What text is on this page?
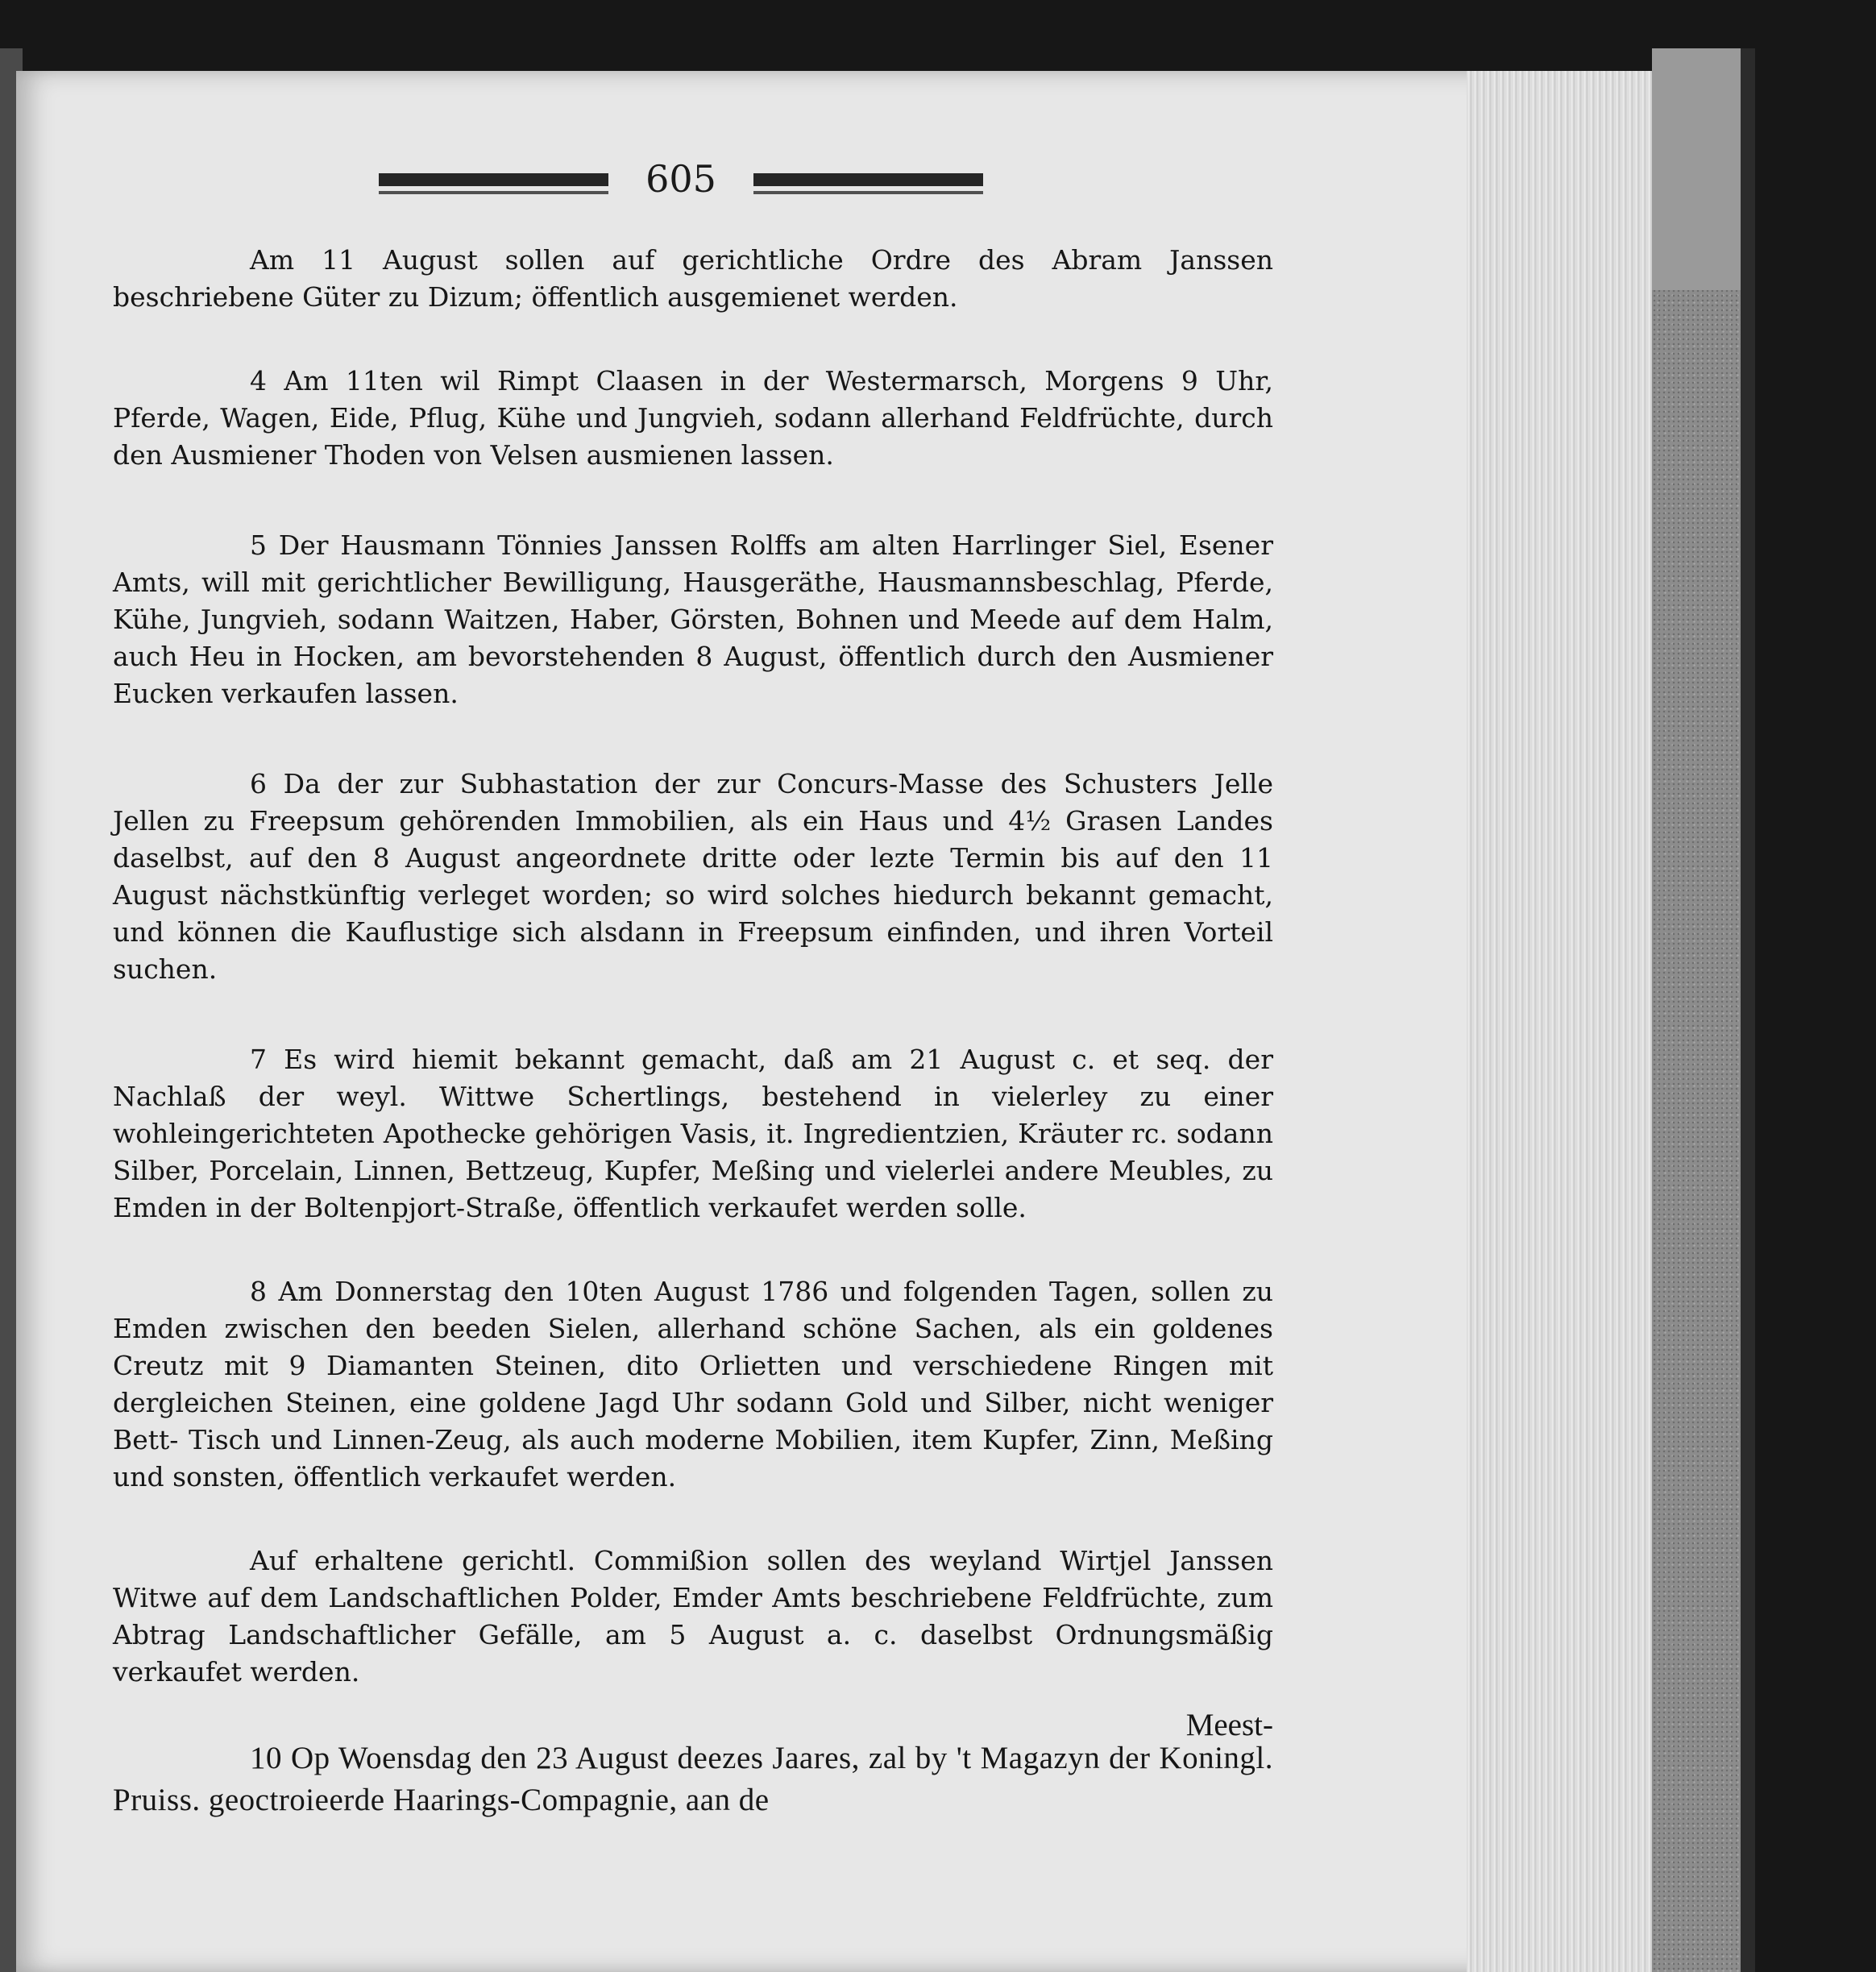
605

Am 11 August sollen auf gerichtliche Ordre des Abram Janssen beschriebene Güter zu Dizum; öffentlich ausgemienet werden.

4 Am 11ten wil Rimpt Claasen in der Westermarsch, Morgens 9 Uhr, Pferde, Wagen, Eide, Pflug, Kühe und Jungvieh, sodann allerhand Feldfrüchte, durch den Ausmiener Thoden von Velsen ausmienen lassen.

5 Der Hausmann Tönnies Janssen Rolffs am alten Harrlinger Siel, Esener Amts, will mit gerichtlicher Bewilligung, Hausgeräthe, Hausmannsbeschlag, Pferde, Kühe, Jungvieh, sodann Waitzen, Haber, Görsten, Bohnen und Meede auf dem Halm, auch Heu in Hocken, am bevorstehenden 8 August, öffentlich durch den Ausmiener Eucken verkaufen lassen.

6 Da der zur Subhastation der zur Concurs-Masse des Schusters Jelle Jellen zu Freepsum gehörenden Immobilien, als ein Haus und 4½ Grasen Landes daselbst, auf den 8 August angeordnete dritte oder lezte Termin bis auf den 11 August nächstkünftig verleget worden; so wird solches hiedurch bekannt gemacht, und können die Kauflustige sich alsdann in Freepsum einfinden, und ihren Vorteil suchen.

7 Es wird hiemit bekannt gemacht, daß am 21 August c. et seq. der Nachlaß der weyl. Wittwe Schertlings, bestehend in vielerley zu einer wohleingerichteten Apothecke gehörigen Vasis, it. Ingredientzien, Kräuter rc. sodann Silber, Porcelain, Linnen, Bettzeug, Kupfer, Meßing und vielerlei andere Meubles, zu Emden in der Boltenpjort-Straße, öffentlich verkaufet werden solle.

8 Am Donnerstag den 10ten August 1786 und folgenden Tagen, sollen zu Emden zwischen den beeden Sielen, allerhand schöne Sachen, als ein goldenes Creutz mit 9 Diamanten Steinen, dito Orlietten und verschiedene Ringen mit dergleichen Steinen, eine goldene Jagd Uhr sodann Gold und Silber, nicht weniger Bett- Tisch und Linnen-Zeug, als auch moderne Mobilien, item Kupfer, Zinn, Meßing und sonsten, öffentlich verkaufet werden.

Auf erhaltene gerichtl. Commißion sollen des weyland Wirtjel Janssen Witwe auf dem Landschaftlichen Polder, Emder Amts beschriebene Feldfrüchte, zum Abtrag Landschaftlicher Gefälle, am 5 August a. c. daselbst Ordnungsmäßig verkaufet werden.

10 Op Woensdag den 23 August deezes Jaares, zal by 't Magazyn der Koningl. Pruiss. geoctroieerde Haarings-Compagnie, aan de

Meest-
